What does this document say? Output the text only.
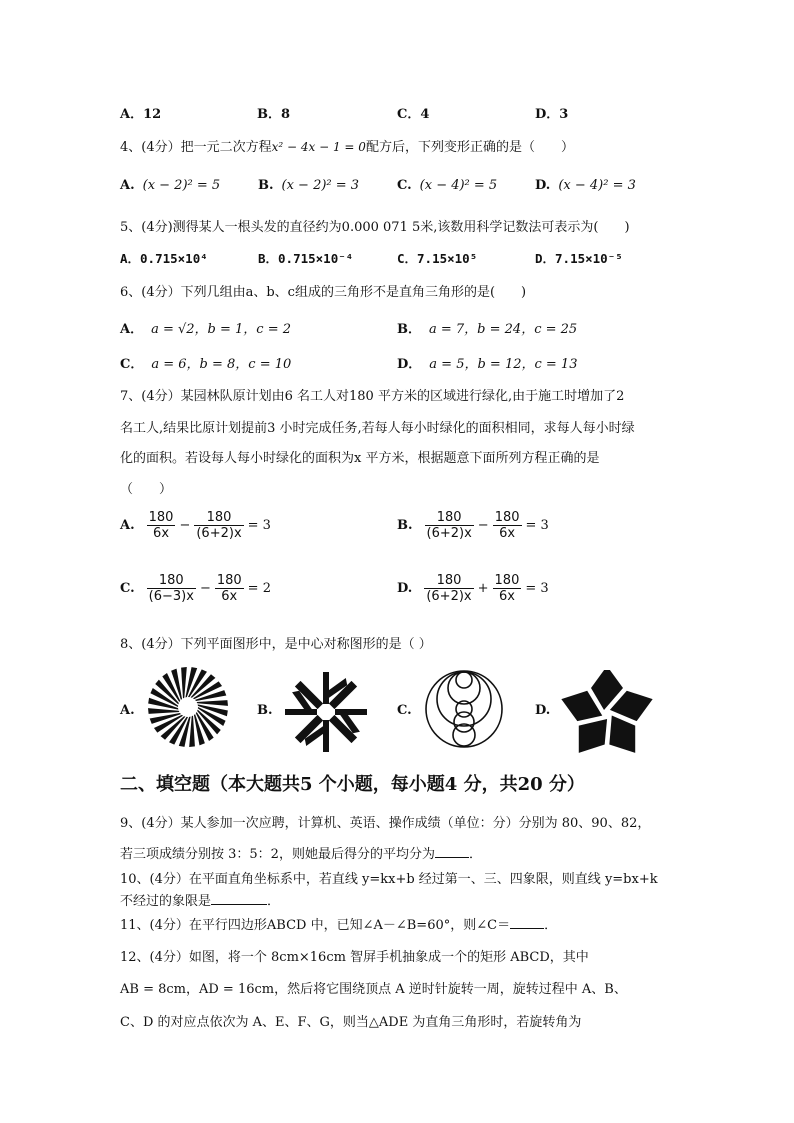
A．12	B．8	C．4	D．3
4、(4分）把一元二次方程x² − 4x − 1 = 0配方后，下列变形正确的是（　　）
A. (x − 2)² = 5	B. (x − 2)² = 3	C. (x − 4)² = 5	D. (x − 4)² = 3
5、(4分)测得某人一根头发的直径约为0.000 071 5米,该数用科学记数法可表示为(　　)
A．0.715×10⁴	B．0.715×10⁻⁴	C．7.15×10⁵	D．7.15×10⁻⁵
6、(4分）下列几组由a、b、c组成的三角形不是直角三角形的是(　　)
A． a = √2，b = 1，c = 2	B． a = 7，b = 24，c = 25
C． a = 6，b = 8，c = 10	D． a = 5，b = 12，c = 13
7、(4分）某园林队原计划由6 名工人对180 平方米的区域进行绿化,由于施工时增加了2
名工人,结果比原计划提前3 小时完成任务,若每人每小时绿化的面积相同，求每人每小时绿
化的面积。若设每人每小时绿化的面积为x 平方米，根据题意下面所列方程正确的是
（　　）
A. $\frac{180}{6x} - \frac{180}{(6+2)x} = 3$	B. $\frac{180}{(6+2)x} - \frac{180}{6x} = 3$
C. $\frac{180}{(6-3)x} - \frac{180}{6x} = 2$	D. $\frac{180}{(6+2)x} + \frac{180}{6x} = 3$
8、(4分）下列平面图形中，是中心对称图形的是（ ）
A.	B.	C.	D.
二、填空题（本大题共5 个小题，每小题4 分，共20 分）
9、(4分）某人参加一次应聘，计算机、英语、操作成绩（单位：分）分别为 80、90、82，
若三项成绩分别按 3：5：2，则她最后得分的平均分为	．
10、(4分）在平面直角坐标系中，若直线 y=kx+b 经过第一、三、四象限，则直线 y=bx+k
不经过的象限是	．
11、(4分）在平行四边形ABCD 中，已知∠A－∠B=60°，则∠C＝	．
12、(4分）如图，将一个 8cm×16cm 智屏手机抽象成一个的矩形 ABCD，其中
AB = 8cm，AD = 16cm，然后将它围绕顶点 A 逆时针旋转一周，旋转过程中 A、B、
C、D 的对应点依次为 A、E、F、G，则当△ADE 为直角三角形时，若旋转角为
